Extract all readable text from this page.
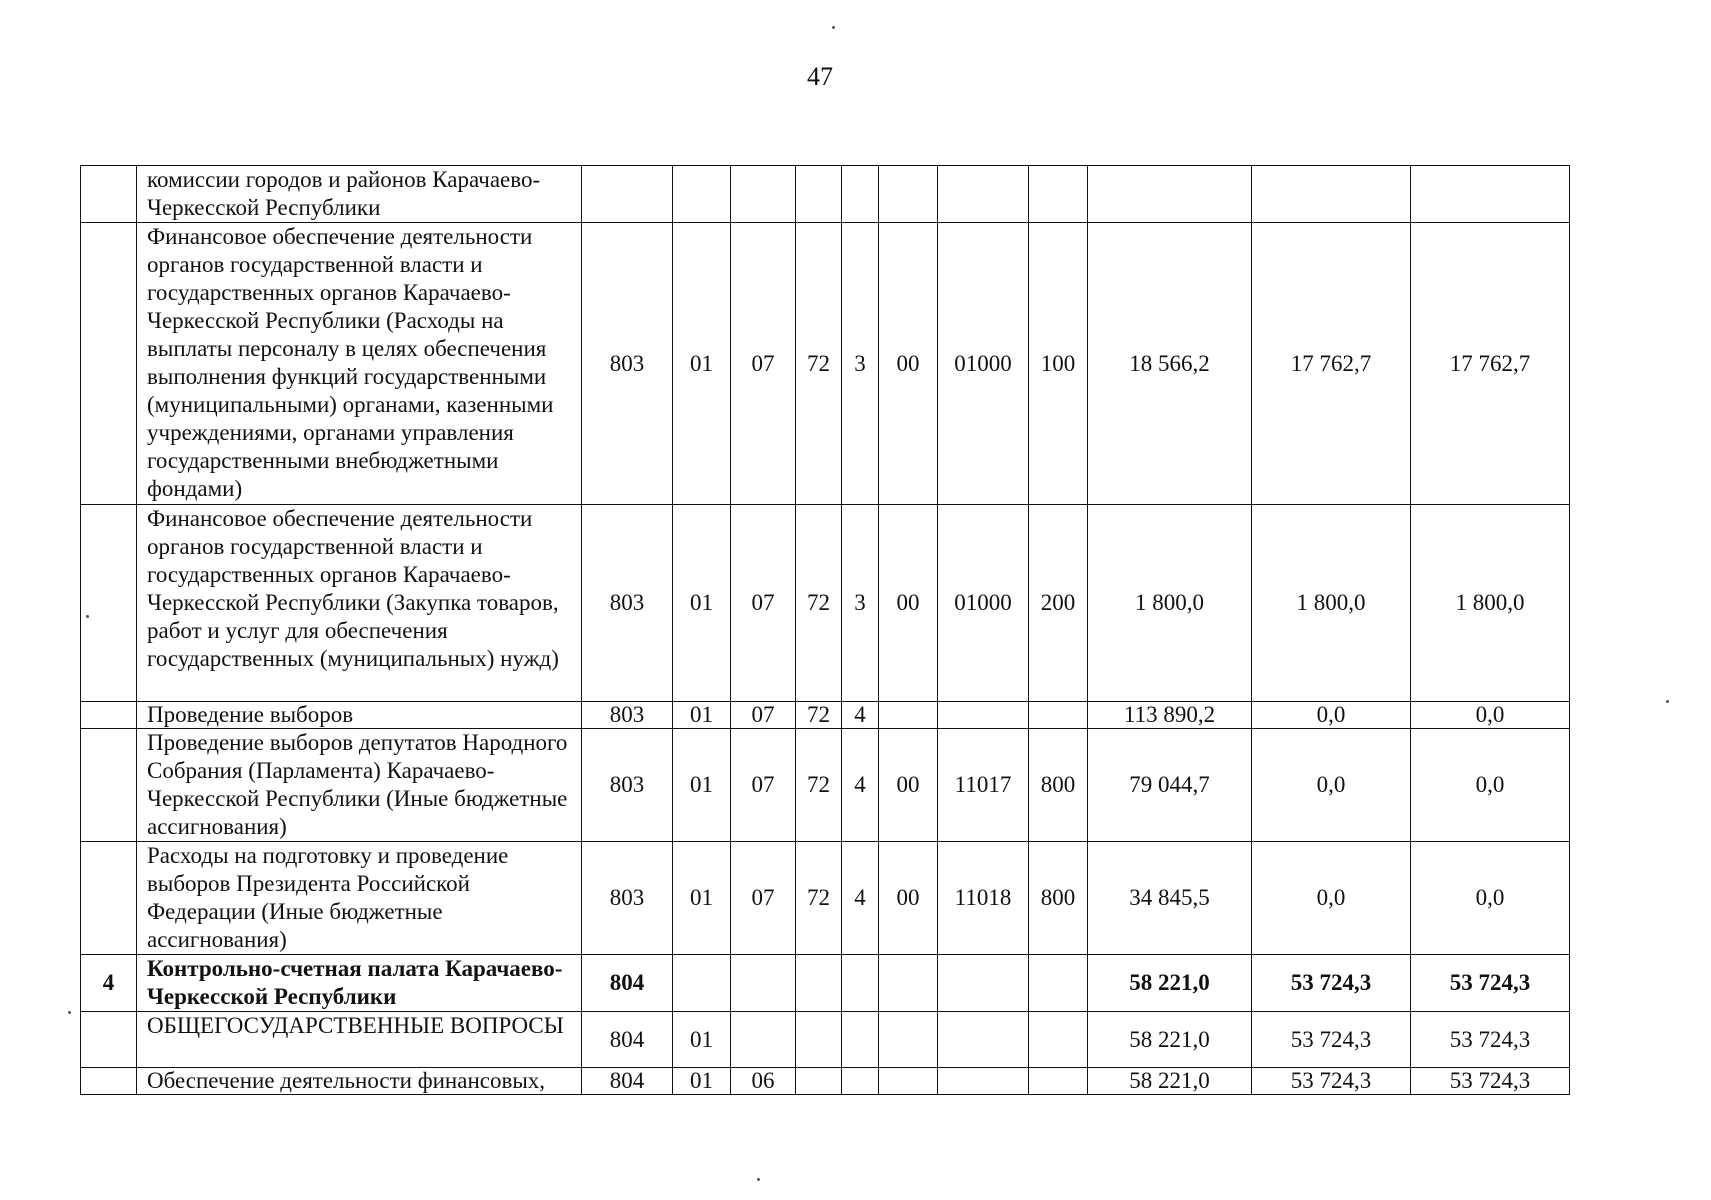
47
	комиссии городов и районов Карачаево-Черкесской Республики											
	Финансовое обеспечение деятельности органов государственной власти и государственных органов Карачаево-Черкесской Республики (Расходы на выплаты персоналу в целях обеспечения выполнения функций государственными (муниципальными) органами, казенными учреждениями, органами управления государственными внебюджетными фондами)	803	01	07	72	3	00	01000	100	18 566,2	17 762,7	17 762,7
	Финансовое обеспечение деятельности органов государственной власти и государственных органов Карачаево-Черкесской Республики (Закупка товаров, работ и услуг для обеспечения государственных (муниципальных) нужд)	803	01	07	72	3	00	01000	200	1 800,0	1 800,0	1 800,0
	Проведение выборов	803	01	07	72	4				113 890,2	0,0	0,0
	Проведение выборов депутатов Народного Собрания (Парламента) Карачаево-Черкесской Республики (Иные бюджетные ассигнования)	803	01	07	72	4	00	11017	800	79 044,7	0,0	0,0
	Расходы на подготовку и проведение выборов Президента Российской Федерации (Иные бюджетные ассигнования)	803	01	07	72	4	00	11018	800	34 845,5	0,0	0,0
4	Контрольно-счетная палата Карачаево-Черкесской Республики	804								58 221,0	53 724,3	53 724,3
	ОБЩЕГОСУДАРСТВЕННЫЕ ВОПРОСЫ	804	01							58 221,0	53 724,3	53 724,3
	Обеспечение деятельности финансовых,	804	01	06						58 221,0	53 724,3	53 724,3
